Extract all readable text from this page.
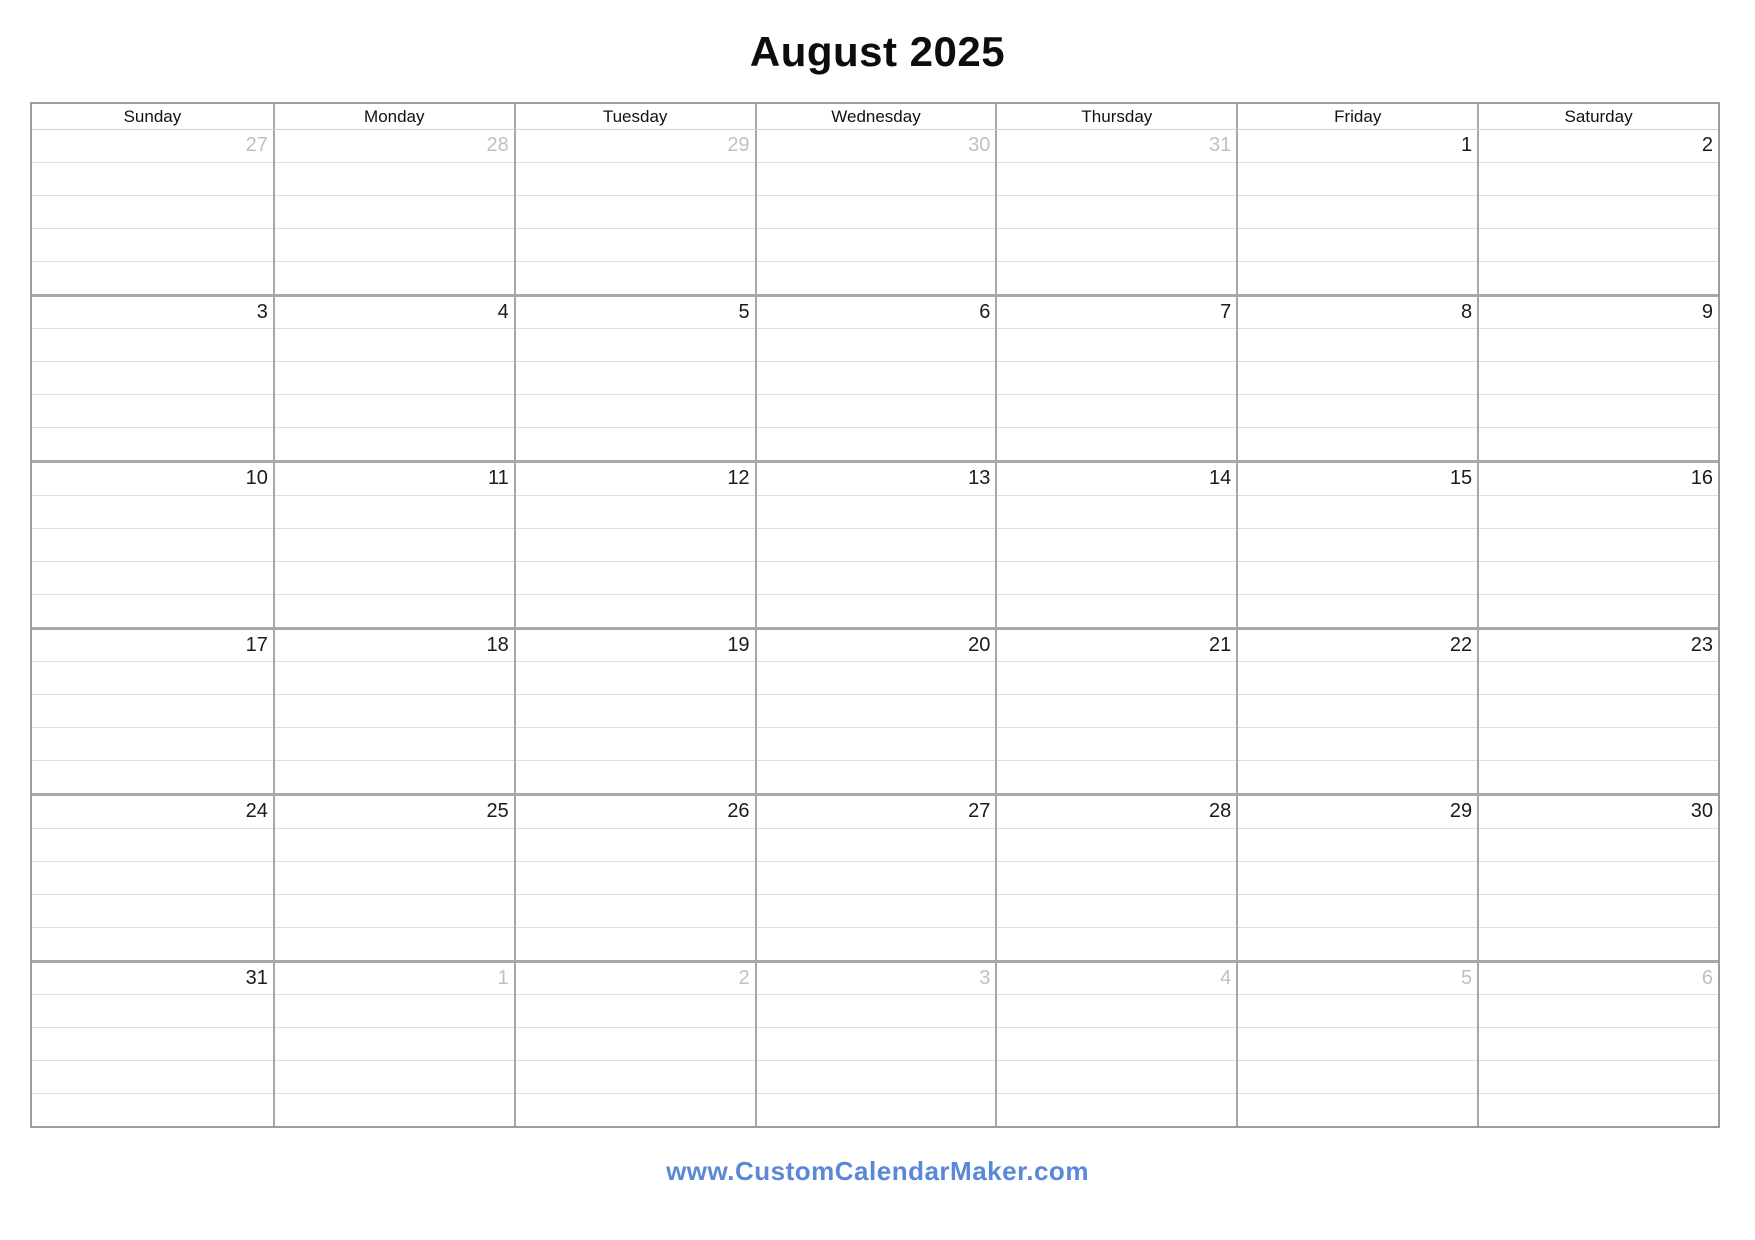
August 2025
Sunday	Monday	Tuesday	Wednesday	Thursday	Friday	Saturday
27	28	29	30	31	1	2
3	4	5	6	7	8	9
10	11	12	13	14	15	16
17	18	19	20	21	22	23
24	25	26	27	28	29	30
31	1	2	3	4	5	6
www.CustomCalendarMaker.com
